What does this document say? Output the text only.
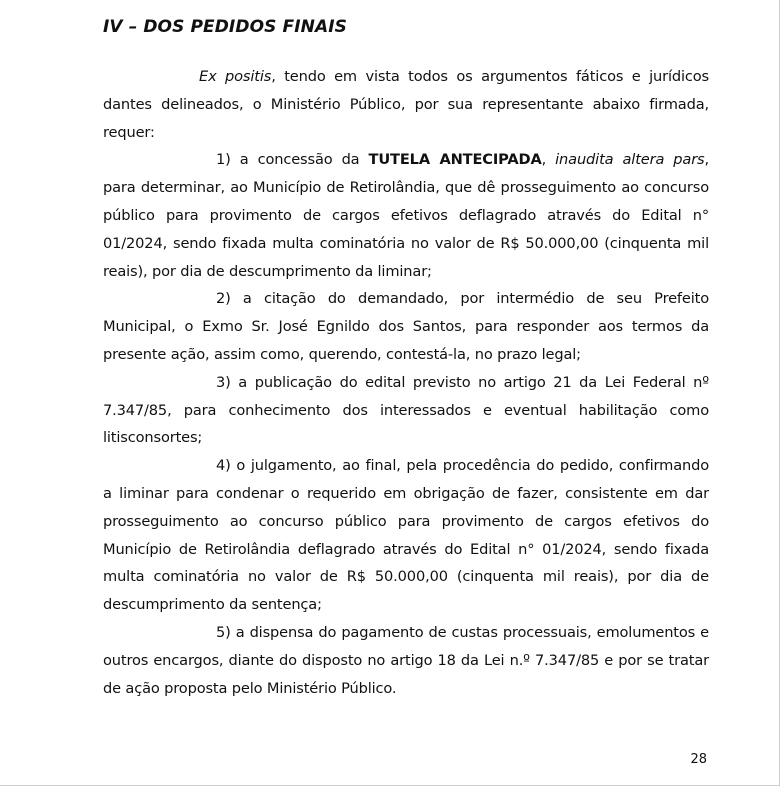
IV – DOS PEDIDOS FINAIS

Ex positis, tendo em vista todos os argumentos fáticos e jurídicos dantes delineados, o Ministério Público, por sua representante abaixo firmada, requer:

1) a concessão da TUTELA ANTECIPADA, inaudita altera pars, para determinar, ao Município de Retirolândia, que dê prosseguimento ao concurso público para provimento de cargos efetivos deflagrado através do Edital n° 01/2024, sendo fixada multa cominatória no valor de R$ 50.000,00 (cinquenta mil reais), por dia de descumprimento da liminar;

2) a citação do demandado, por intermédio de seu Prefeito Municipal, o Exmo Sr. José Egnildo dos Santos, para responder aos termos da presente ação, assim como, querendo, contestá-la, no prazo legal;

3) a publicação do edital previsto no artigo 21 da Lei Federal nº 7.347/85, para conhecimento dos interessados e eventual habilitação como litisconsortes;

4) o julgamento, ao final, pela procedência do pedido, confirmando a liminar para condenar o requerido em obrigação de fazer, consistente em dar prosseguimento ao concurso público para provimento de cargos efetivos do Município de Retirolândia deflagrado através do Edital n° 01/2024, sendo fixada multa cominatória no valor de R$ 50.000,00 (cinquenta mil reais), por dia de descumprimento da sentença;

5) a dispensa do pagamento de custas processuais, emolumentos e outros encargos, diante do disposto no artigo 18 da Lei n.º 7.347/85 e por se tratar de ação proposta pelo Ministério Público.

28
